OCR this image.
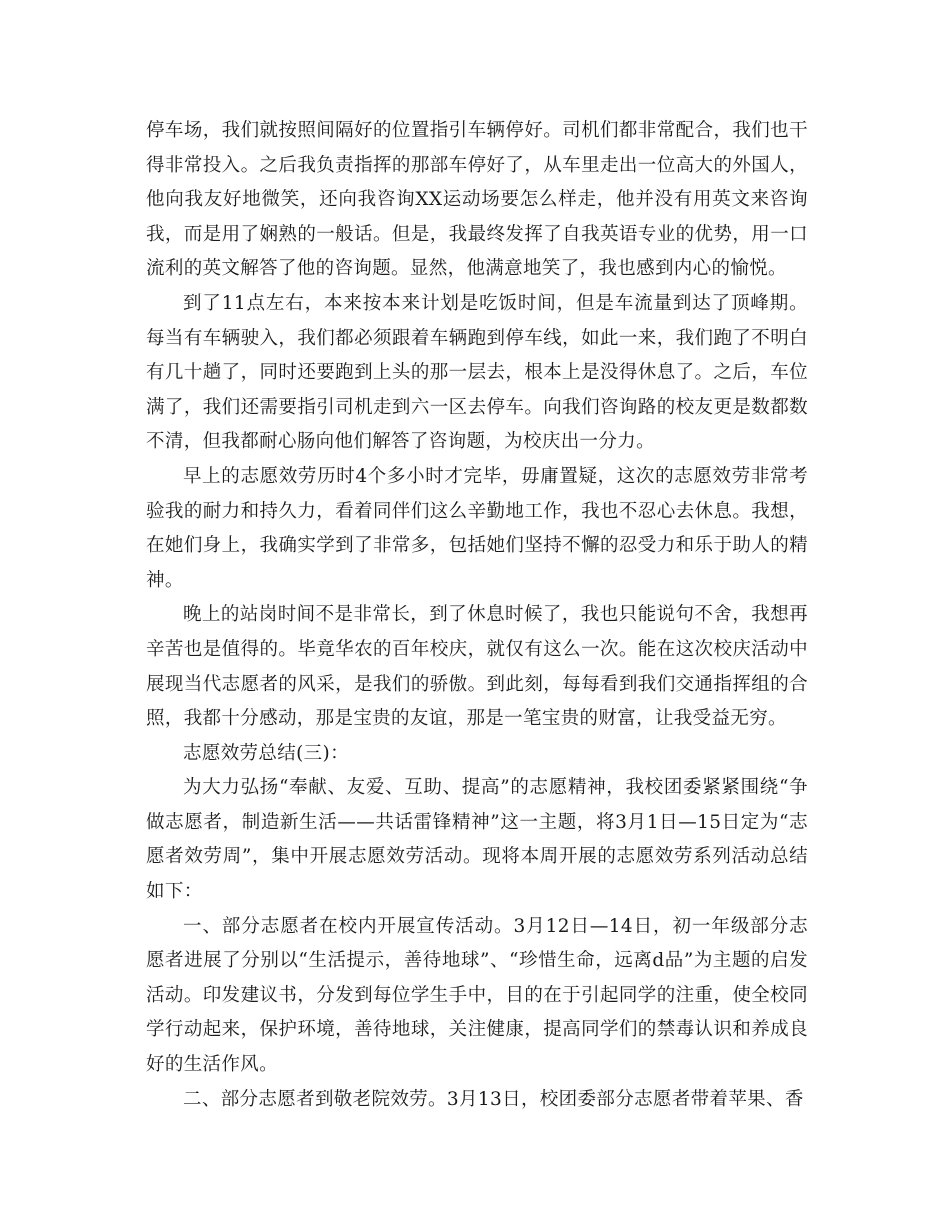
停车场，我们就按照间隔好的位置指引车辆停好。司机们都非常配合，我们也干得非常投入。之后我负责指挥的那部车停好了，从车里走出一位高大的外国人，他向我友好地微笑，还向我咨询XX运动场要怎么样走，他并没有用英文来咨询我，而是用了娴熟的一般话。但是，我最终发挥了自我英语专业的优势，用一口流利的英文解答了他的咨询题。显然，他满意地笑了，我也感到内心的愉悦。

到了11点左右，本来按本来计划是吃饭时间，但是车流量到达了顶峰期。每当有车辆驶入，我们都必须跟着车辆跑到停车线，如此一来，我们跑了不明白有几十趟了，同时还要跑到上头的那一层去，根本上是没得休息了。之后，车位满了，我们还需要指引司机走到六一区去停车。向我们咨询路的校友更是数都数不清，但我都耐心肠向他们解答了咨询题，为校庆出一分力。

早上的志愿效劳历时4个多小时才完毕，毋庸置疑，这次的志愿效劳非常考验我的耐力和持久力，看着同伴们这么辛勤地工作，我也不忍心去休息。我想，在她们身上，我确实学到了非常多，包括她们坚持不懈的忍受力和乐于助人的精神。

晚上的站岗时间不是非常长，到了休息时候了，我也只能说句不舍，我想再辛苦也是值得的。毕竟华农的百年校庆，就仅有这么一次。能在这次校庆活动中展现当代志愿者的风采，是我们的骄傲。到此刻，每每看到我们交通指挥组的合照，我都十分感动，那是宝贵的友谊，那是一笔宝贵的财富，让我受益无穷。

志愿效劳总结(三)：

为大力弘扬“奉献、友爱、互助、提高”的志愿精神，我校团委紧紧围绕“争做志愿者，制造新生活——共话雷锋精神”这一主题，将3月1日—15日定为“志愿者效劳周”，集中开展志愿效劳活动。现将本周开展的志愿效劳系列活动总结如下：

一、部分志愿者在校内开展宣传活动。3月12日—14日，初一年级部分志愿者进展了分别以“生活提示，善待地球”、“珍惜生命，远离d品”为主题的启发活动。印发建议书，分发到每位学生手中，目的在于引起同学的注重，使全校同学行动起来，保护环境，善待地球，关注健康，提高同学们的禁毒认识和养成良好的生活作风。

二、部分志愿者到敬老院效劳。3月13日，校团委部分志愿者带着苹果、香
